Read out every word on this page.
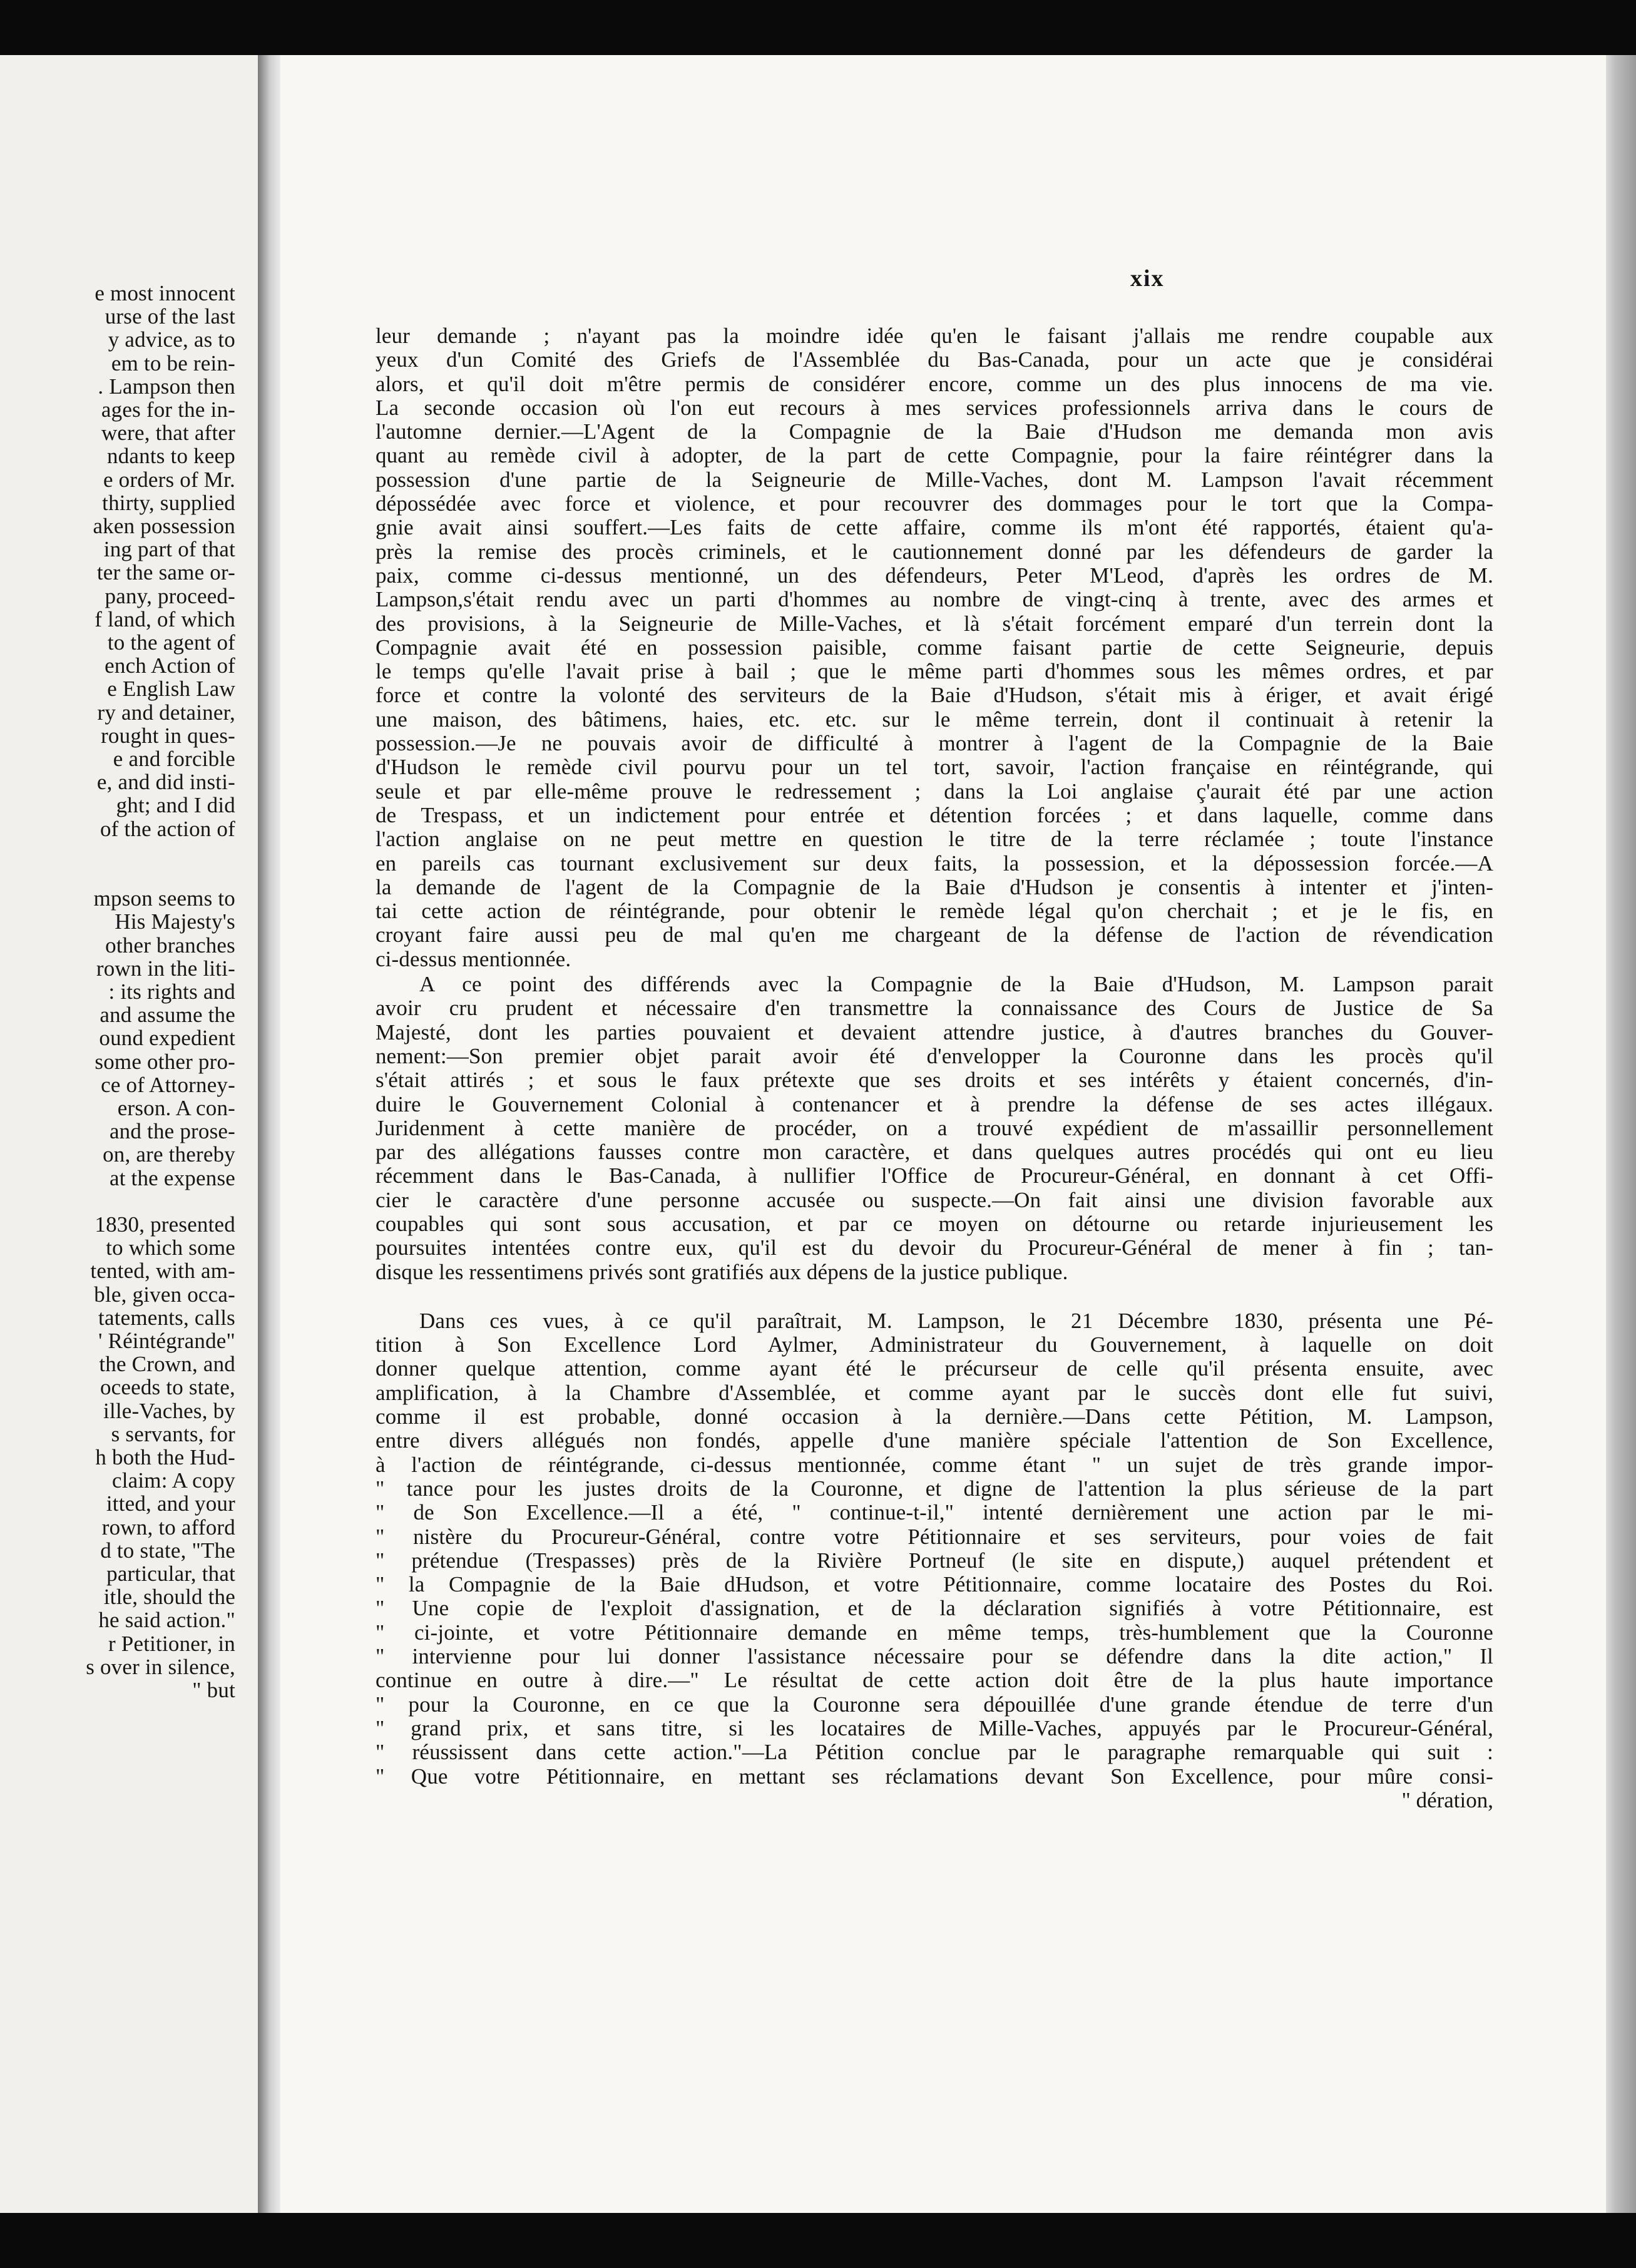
e most innocent
urse of the last
y advice, as to
em to be rein-
. Lampson then
ages for the in-
were, that after
ndants to keep
e orders of Mr.
thirty, supplied
aken possession
ing part of that
ter the same or-
pany, proceed-
f land, of which
to the agent of
ench Action of
e English Law
ry and detainer,
rought in ques-
e and forcible
e, and did insti-
ght; and I did
of the action of
mpson seems to
His Majesty's
other branches
rown in the liti-
: its rights and
and assume the
ound expedient
some other pro-
ce of Attorney-
erson. A con-
and the prose-
on, are thereby
at the expense
1830, presented
to which some
tented, with am-
ble, given occa-
tatements, calls
' Réintégrande"
the Crown, and
oceeds to state,
ille-Vaches, by
s servants, for
h both the Hud-
claim: A copy
itted, and your
rown, to afford
d to state, "The
particular, that
itle, should the
he said action."
r Petitioner, in
s over in silence,
" but
xix
leur demande ; n'ayant pas la moindre idée qu'en le faisant j'allais me rendre coupable aux
yeux d'un Comité des Griefs de l'Assemblée du Bas-Canada, pour un acte que je considérai
alors, et qu'il doit m'être permis de considérer encore, comme un des plus innocens de ma vie.
La seconde occasion où l'on eut recours à mes services professionnels arriva dans le cours de
l'automne dernier.—L'Agent de la Compagnie de la Baie d'Hudson me demanda mon avis
quant au remède civil à adopter, de la part de cette Compagnie, pour la faire réintégrer dans la
possession d'une partie de la Seigneurie de Mille-Vaches, dont M. Lampson l'avait récemment
dépossédée avec force et violence, et pour recouvrer des dommages pour le tort que la Compa-
gnie avait ainsi souffert.—Les faits de cette affaire, comme ils m'ont été rapportés, étaient qu'a-
près la remise des procès criminels, et le cautionnement donné par les défendeurs de garder la
paix, comme ci-dessus mentionné, un des défendeurs, Peter M'Leod, d'après les ordres de M.
Lampson,s'était rendu avec un parti d'hommes au nombre de vingt-cinq à trente, avec des armes et
des provisions, à la Seigneurie de Mille-Vaches, et là s'était forcément emparé d'un terrein dont la
Compagnie avait été en possession paisible, comme faisant partie de cette Seigneurie, depuis
le temps qu'elle l'avait prise à bail ; que le même parti d'hommes sous les mêmes ordres, et par
force et contre la volonté des serviteurs de la Baie d'Hudson, s'était mis à ériger, et avait érigé
une maison, des bâtimens, haies, etc. etc. sur le même terrein, dont il continuait à retenir la
possession.—Je ne pouvais avoir de difficulté à montrer à l'agent de la Compagnie de la Baie
d'Hudson le remède civil pourvu pour un tel tort, savoir, l'action française en réintégrande, qui
seule et par elle-même prouve le redressement ; dans la Loi anglaise ç'aurait été par une action
de Trespass, et un indictement pour entrée et détention forcées ; et dans laquelle, comme dans
l'action anglaise on ne peut mettre en question le titre de la terre réclamée ; toute l'instance
en pareils cas tournant exclusivement sur deux faits, la possession, et la dépossession forcée.—A
la demande de l'agent de la Compagnie de la Baie d'Hudson je consentis à intenter et j'inten-
tai cette action de réintégrande, pour obtenir le remède légal qu'on cherchait ; et je le fis, en
croyant faire aussi peu de mal qu'en me chargeant de la défense de l'action de révendication
ci-dessus mentionnée.
A ce point des différends avec la Compagnie de la Baie d'Hudson, M. Lampson parait
avoir cru prudent et nécessaire d'en transmettre la connaissance des Cours de Justice de Sa
Majesté, dont les parties pouvaient et devaient attendre justice, à d'autres branches du Gouver-
nement:—Son premier objet parait avoir été d'envelopper la Couronne dans les procès qu'il
s'était attirés ; et sous le faux prétexte que ses droits et ses intérêts y étaient concernés, d'in-
duire le Gouvernement Colonial à contenancer et à prendre la défense de ses actes illégaux.
Juridenment à cette manière de procéder, on a trouvé expédient de m'assaillir personnellement
par des allégations fausses contre mon caractère, et dans quelques autres procédés qui ont eu lieu
récemment dans le Bas-Canada, à nullifier l'Office de Procureur-Général, en donnant à cet Offi-
cier le caractère d'une personne accusée ou suspecte.—On fait ainsi une division favorable aux
coupables qui sont sous accusation, et par ce moyen on détourne ou retarde injurieusement les
poursuites intentées contre eux, qu'il est du devoir du Procureur-Général de mener à fin ; tan-
disque les ressentimens privés sont gratifiés aux dépens de la justice publique.
Dans ces vues, à ce qu'il paraîtrait, M. Lampson, le 21 Décembre 1830, présenta une Pé-
tition à Son Excellence Lord Aylmer, Administrateur du Gouvernement, à laquelle on doit
donner quelque attention, comme ayant été le précurseur de celle qu'il présenta ensuite, avec
amplification, à la Chambre d'Assemblée, et comme ayant par le succès dont elle fut suivi,
comme il est probable, donné occasion à la dernière.—Dans cette Pétition, M. Lampson,
entre divers allégués non fondés, appelle d'une manière spéciale l'attention de Son Excellence,
à l'action de réintégrande, ci-dessus mentionnée, comme étant " un sujet de très grande impor-
" tance pour les justes droits de la Couronne, et digne de l'attention la plus sérieuse de la part
" de Son Excellence.—Il a été, " continue-t-il," intenté dernièrement une action par le mi-
" nistère du Procureur-Général, contre votre Pétitionnaire et ses serviteurs, pour voies de fait
" prétendue (Trespasses) près de la Rivière Portneuf (le site en dispute,) auquel prétendent et
" la Compagnie de la Baie dHudson, et votre Pétitionnaire, comme locataire des Postes du Roi.
" Une copie de l'exploit d'assignation, et de la déclaration signifiés à votre Pétitionnaire, est
" ci-jointe, et votre Pétitionnaire demande en même temps, très-humblement que la Couronne
" intervienne pour lui donner l'assistance nécessaire pour se défendre dans la dite action," Il
continue en outre à dire.—" Le résultat de cette action doit être de la plus haute importance
" pour la Couronne, en ce que la Couronne sera dépouillée d'une grande étendue de terre d'un
" grand prix, et sans titre, si les locataires de Mille-Vaches, appuyés par le Procureur-Général,
" réussissent dans cette action."—La Pétition conclue par le paragraphe remarquable qui suit :
" Que votre Pétitionnaire, en mettant ses réclamations devant Son Excellence, pour mûre consi-
" dération,
